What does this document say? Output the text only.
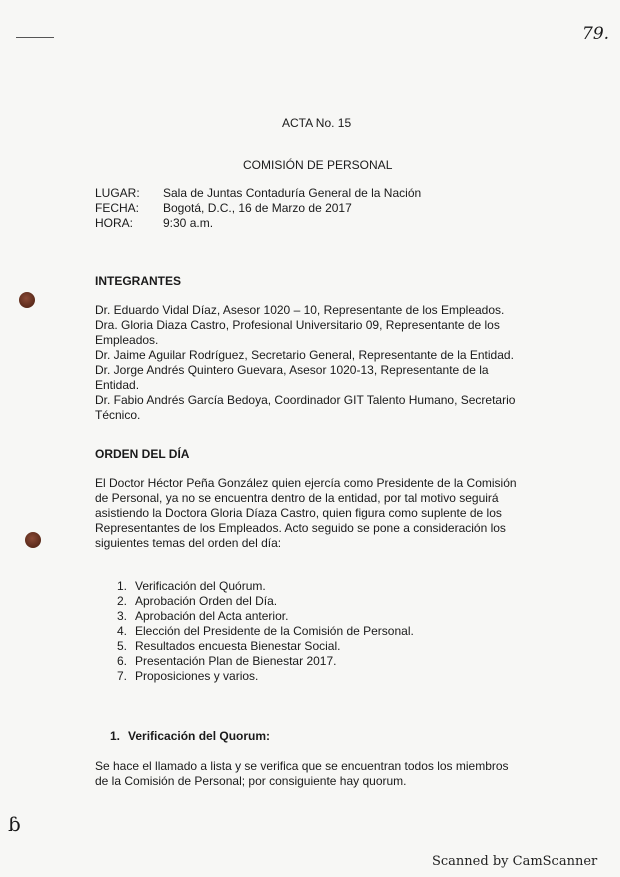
79.
ACTA No. 15
COMISIÓN DE PERSONAL
LUGAR: Sala de Juntas Contaduría General de la Nación
FECHA: Bogotá, D.C., 16 de Marzo de 2017
HORA: 9:30 a.m.
INTEGRANTES
Dr. Eduardo Vidal Díaz, Asesor 1020 – 10, Representante de los Empleados.
Dra. Gloria Diaza Castro, Profesional Universitario 09, Representante de los
Empleados.
Dr. Jaime Aguilar Rodríguez, Secretario General, Representante de la Entidad.
Dr. Jorge Andrés Quintero Guevara, Asesor 1020-13, Representante de la
Entidad.
Dr. Fabio Andrés García Bedoya, Coordinador GIT Talento Humano, Secretario
Técnico.
ORDEN DEL DÍA
El Doctor Héctor Peña González quien ejercía como Presidente de la Comisión
de Personal, ya no se encuentra dentro de la entidad, por tal motivo seguirá
asistiendo la Doctora Gloria Díaza Castro, quien figura como suplente de los
Representantes de los Empleados. Acto seguido se pone a consideración los
siguientes temas del orden del día:
1. Verificación del Quórum.
2. Aprobación Orden del Día.
3. Aprobación del Acta anterior.
4. Elección del Presidente de la Comisión de Personal.
5. Resultados encuesta Bienestar Social.
6. Presentación Plan de Bienestar 2017.
7. Proposiciones y varios.
1. Verificación del Quorum:
Se hace el llamado a lista y se verifica que se encuentran todos los miembros
de la Comisión de Personal; por consiguiente hay quorum.
ɓ
Scanned by CamScanner
